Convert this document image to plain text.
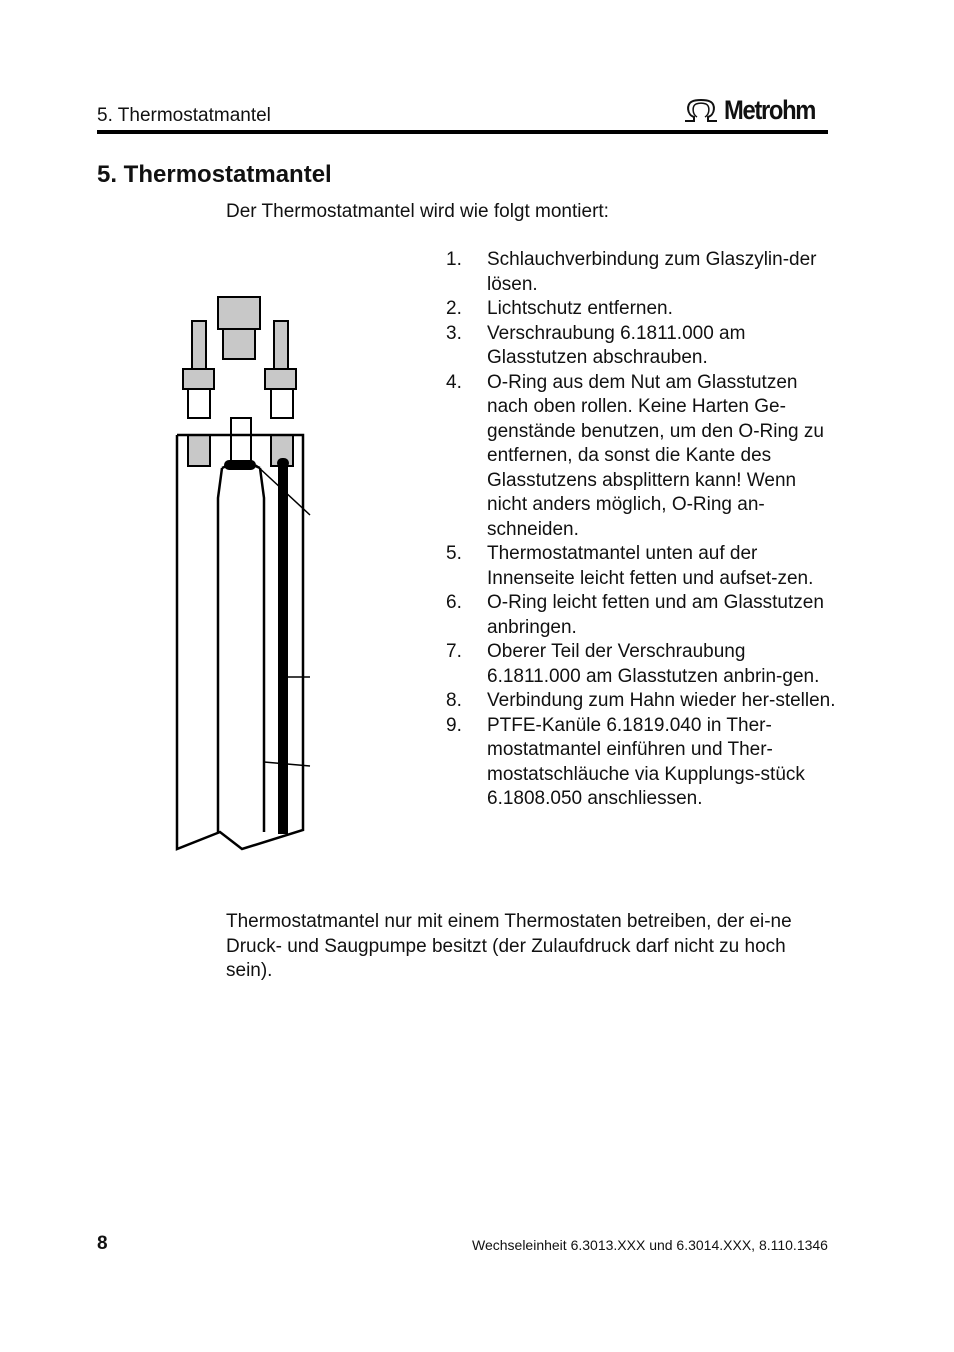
5. Thermostatmantel	Metrohm
5. Thermostatmantel
Der Thermostatmantel wird wie folgt montiert:
1. Schlauchverbindung zum Glaszylin-der lösen.
2. Lichtschutz entfernen.
3. Verschraubung 6.1811.000 am Glasstutzen abschrauben.
4. O-Ring aus dem Nut am Glasstutzen nach oben rollen. Keine Harten Ge-genstände benutzen, um den O-Ring zu entfernen, da sonst die Kante des Glasstutzens absplittern kann! Wenn nicht anders möglich, O-Ring an-schneiden.
5. Thermostatmantel unten auf der Innenseite leicht fetten und aufset-zen.
6. O-Ring leicht fetten und am Glasstutzen anbringen.
7. Oberer Teil der Verschraubung 6.1811.000 am Glasstutzen anbrin-gen.
8. Verbindung zum Hahn wieder her-stellen.
9. PTFE-Kanüle 6.1819.040 in Ther-mostatmantel einführen und Ther-mostatschläuche via Kupplungs-stück 6.1808.050 anschliessen.
Thermostatmantel nur mit einem Thermostaten betreiben, der ei-ne Druck- und Saugpumpe besitzt (der Zulaufdruck darf nicht zu hoch sein).
8	Wechseleinheit 6.3013.XXX und 6.3014.XXX, 8.110.1346
